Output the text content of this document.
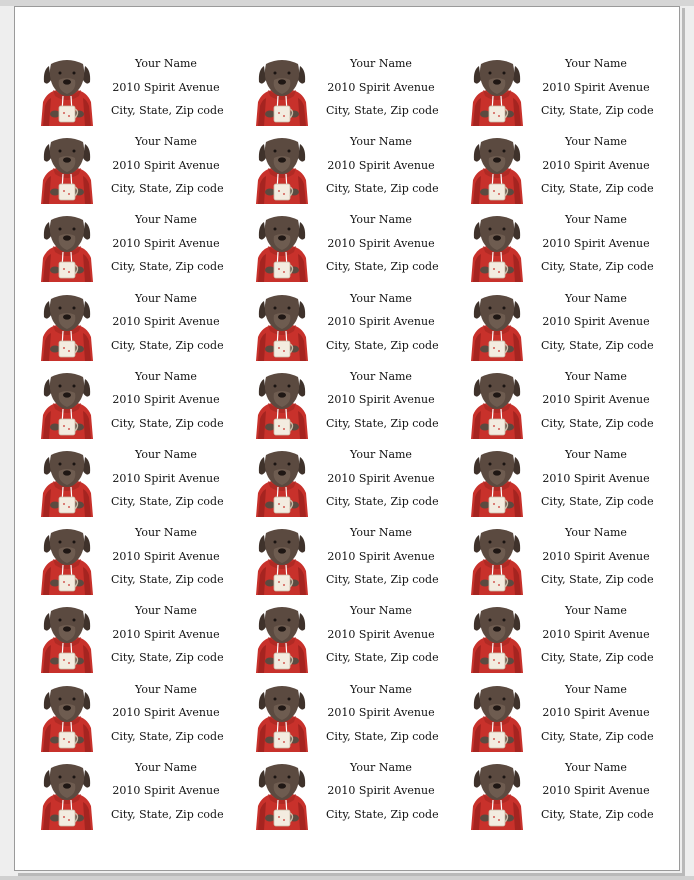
Your Name
2010 Spirit Avenue
City, State, Zip code
Your Name
2010 Spirit Avenue
City, State, Zip code
Your Name
2010 Spirit Avenue
City, State, Zip code
Your Name
2010 Spirit Avenue
City, State, Zip code
Your Name
2010 Spirit Avenue
City, State, Zip code
Your Name
2010 Spirit Avenue
City, State, Zip code
Your Name
2010 Spirit Avenue
City, State, Zip code
Your Name
2010 Spirit Avenue
City, State, Zip code
Your Name
2010 Spirit Avenue
City, State, Zip code
Your Name
2010 Spirit Avenue
City, State, Zip code
Your Name
2010 Spirit Avenue
City, State, Zip code
Your Name
2010 Spirit Avenue
City, State, Zip code
Your Name
2010 Spirit Avenue
City, State, Zip code
Your Name
2010 Spirit Avenue
City, State, Zip code
Your Name
2010 Spirit Avenue
City, State, Zip code
Your Name
2010 Spirit Avenue
City, State, Zip code
Your Name
2010 Spirit Avenue
City, State, Zip code
Your Name
2010 Spirit Avenue
City, State, Zip code
Your Name
2010 Spirit Avenue
City, State, Zip code
Your Name
2010 Spirit Avenue
City, State, Zip code
Your Name
2010 Spirit Avenue
City, State, Zip code
Your Name
2010 Spirit Avenue
City, State, Zip code
Your Name
2010 Spirit Avenue
City, State, Zip code
Your Name
2010 Spirit Avenue
City, State, Zip code
Your Name
2010 Spirit Avenue
City, State, Zip code
Your Name
2010 Spirit Avenue
City, State, Zip code
Your Name
2010 Spirit Avenue
City, State, Zip code
Your Name
2010 Spirit Avenue
City, State, Zip code
Your Name
2010 Spirit Avenue
City, State, Zip code
Your Name
2010 Spirit Avenue
City, State, Zip code
